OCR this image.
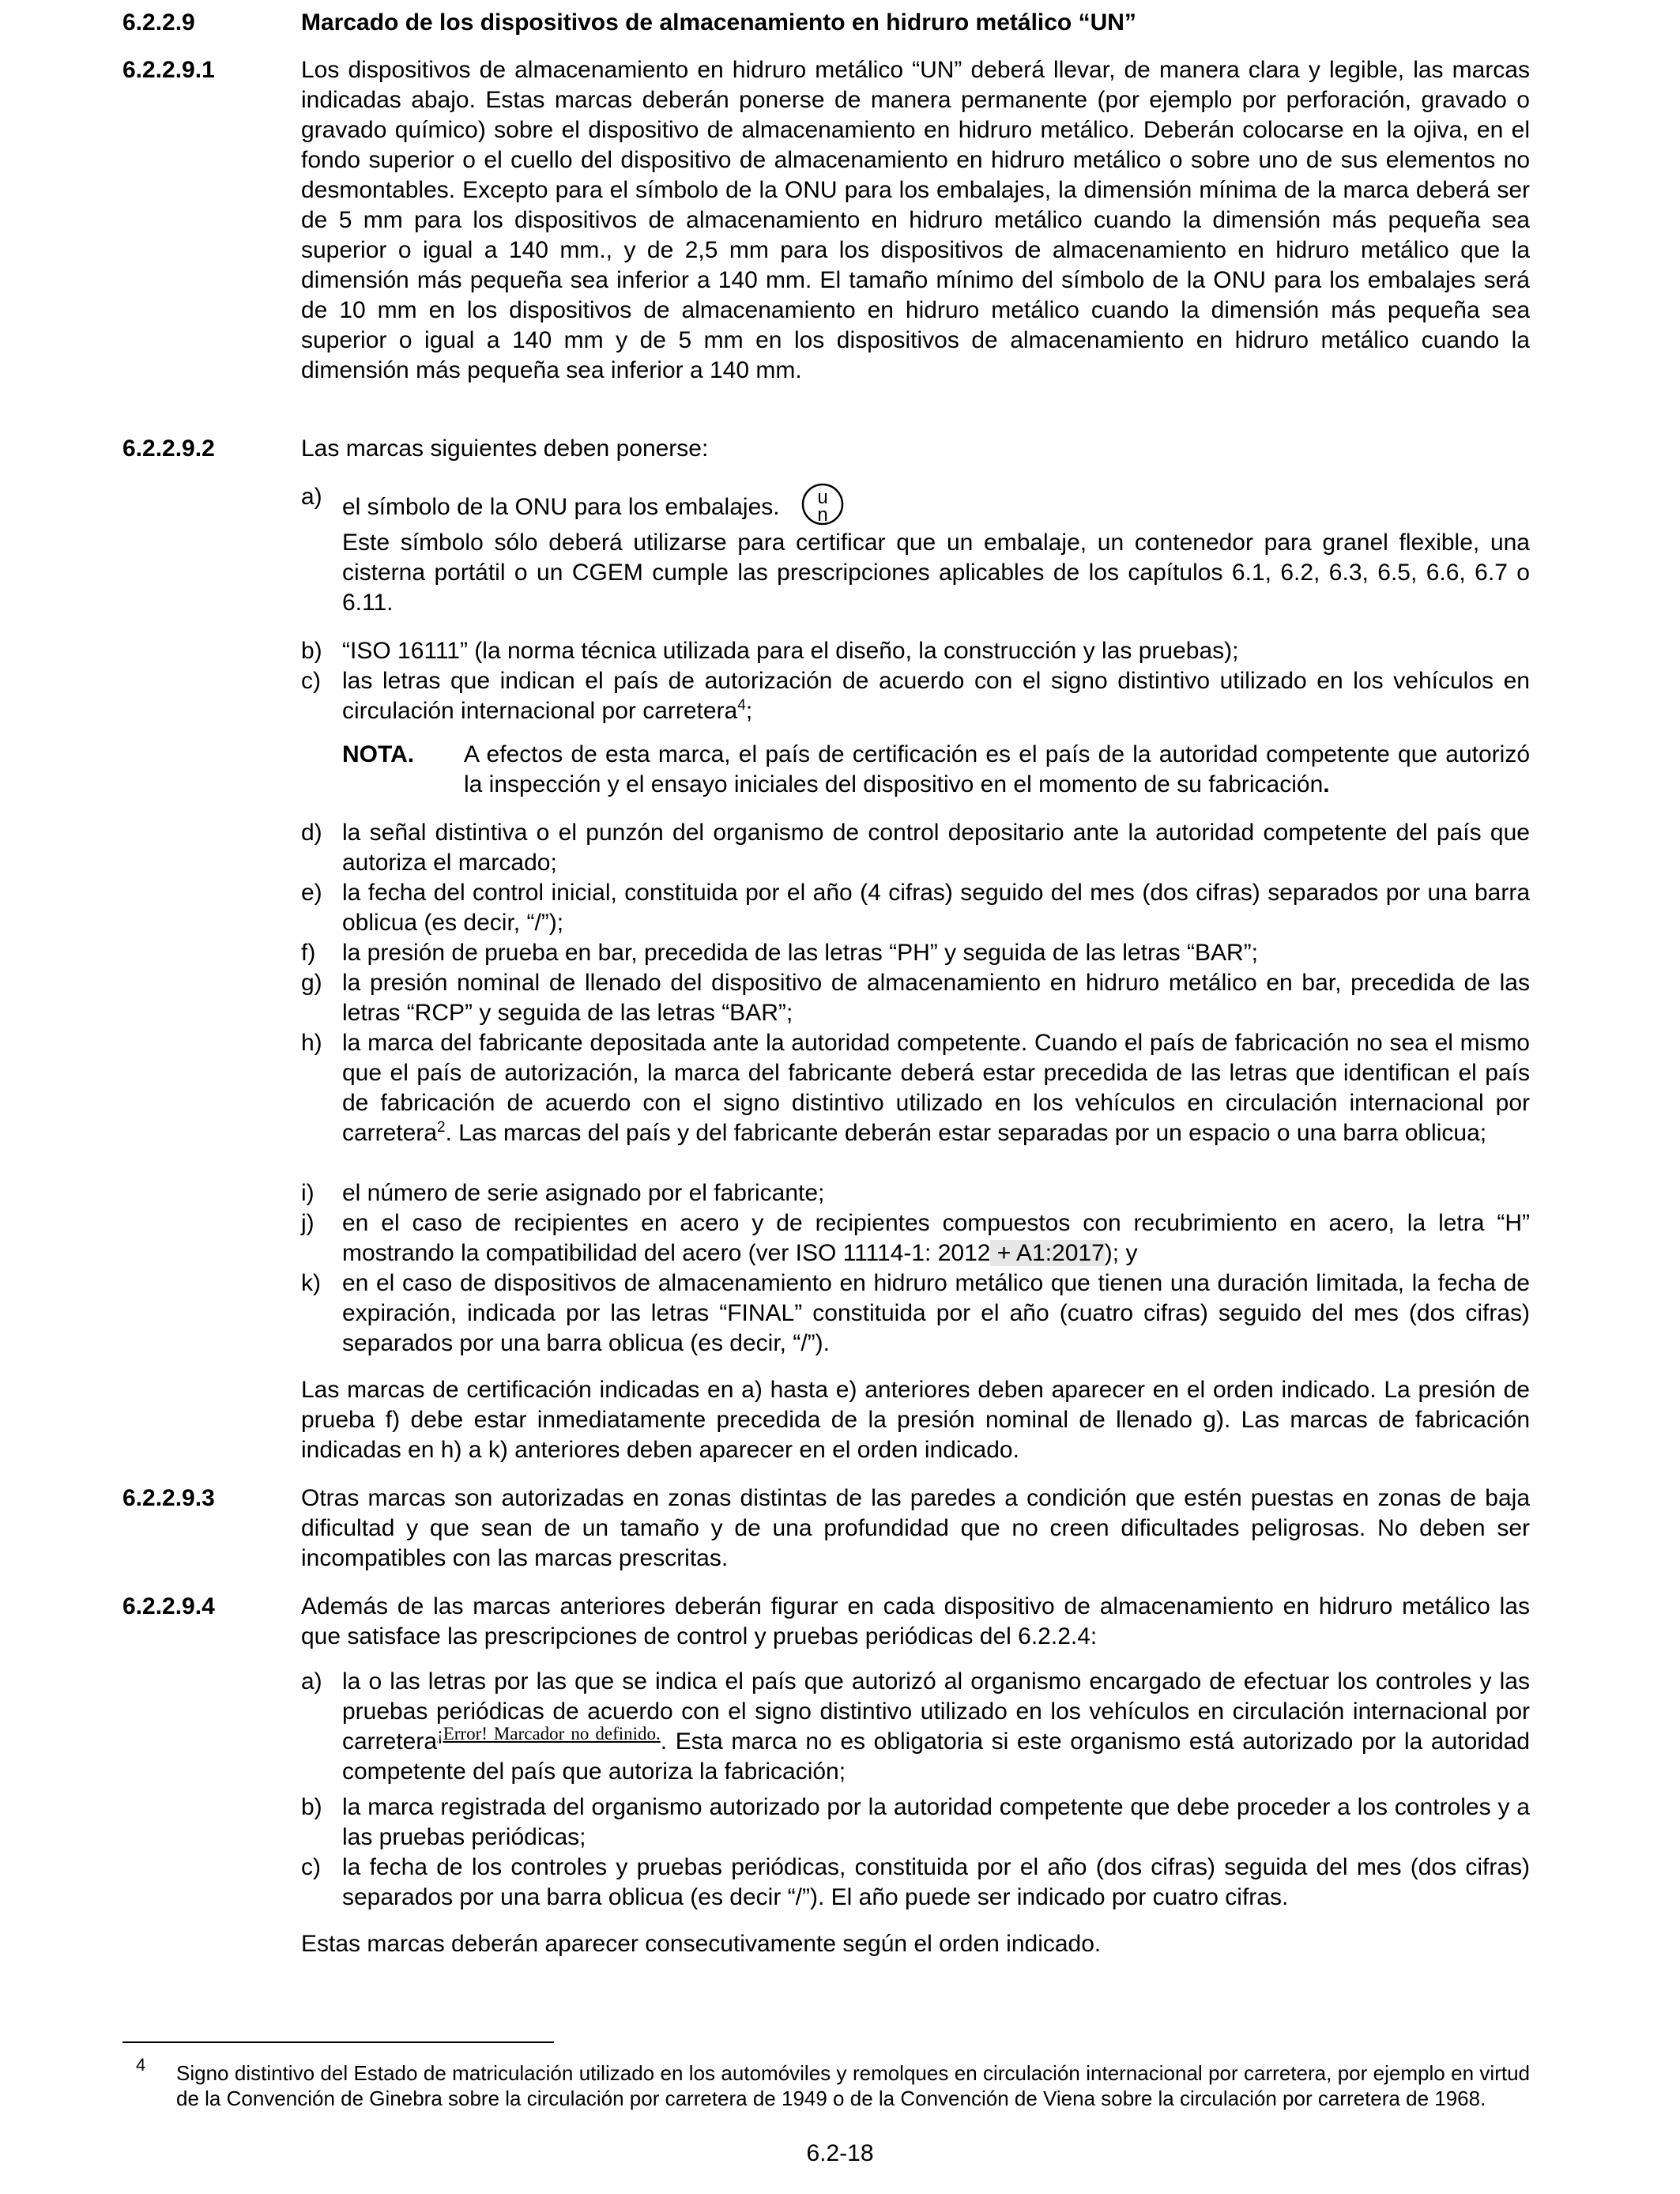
6.2.2.9	Marcado de los dispositivos de almacenamiento en hidruro metálico “UN”
6.2.2.9.1	Los dispositivos de almacenamiento en hidruro metálico “UN” deberá llevar, de manera clara y legible, las marcas indicadas abajo. Estas marcas deberán ponerse de manera permanente (por ejemplo por perforación, gravado o gravado químico) sobre el dispositivo de almacenamiento en hidruro metálico. Deberán colocarse en la ojiva, en el fondo superior o el cuello del dispositivo de almacenamiento en hidruro metálico o sobre uno de sus elementos no desmontables. Excepto para el símbolo de la ONU para los embalajes, la dimensión mínima de la marca deberá ser de 5 mm para los dispositivos de almacenamiento en hidruro metálico cuando la dimensión más pequeña sea superior o igual a 140 mm., y de 2,5 mm para los dispositivos de almacenamiento en hidruro metálico que la dimensión más pequeña sea inferior a 140 mm. El tamaño mínimo del símbolo de la ONU para los embalajes será de 10 mm en los dispositivos de almacenamiento en hidruro metálico cuando la dimensión más pequeña sea superior o igual a 140 mm y de 5 mm en los dispositivos de almacenamiento en hidruro metálico cuando la dimensión más pequeña sea inferior a 140 mm.

6.2.2.9.2	Las marcas siguientes deben ponerse:
a) el símbolo de la ONU para los embalajes. u
n

Este símbolo sólo deberá utilizarse para certificar que un embalaje, un contenedor para granel flexible, una cisterna portátil o un CGEM cumple las prescripciones aplicables de los capítulos 6.1, 6.2, 6.3, 6.5, 6.6, 6.7 o 6.11.

b) “ISO 16111” (la norma técnica utilizada para el diseño, la construcción y las pruebas);
c) las letras que indican el país de autorización de acuerdo con el signo distintivo utilizado en los vehículos en circulación internacional por carretera$^4$;
NOTA. A efectos de esta marca, el país de certificación es el país de la autoridad competente que autorizó la inspección y el ensayo iniciales del dispositivo en el momento de su fabricación.
d) la señal distintiva o el punzón del organismo de control depositario ante la autoridad competente del país que autoriza el marcado;
e) la fecha del control inicial, constituida por el año (4 cifras) seguido del mes (dos cifras) separados por una barra oblicua (es decir, “/”);
f)	la presión de prueba en bar, precedida de las letras “PH” y seguida de las letras “BAR”;
g) la presión nominal de llenado del dispositivo de almacenamiento en hidruro metálico en bar, precedida de las letras “RCP” y seguida de las letras “BAR”;
h) la marca del fabricante depositada ante la autoridad competente. Cuando el país de fabricación no sea el mismo que el país de autorización, la marca del fabricante deberá estar precedida de las letras que identifican el país de fabricación de acuerdo con el signo distintivo utilizado en los vehículos en circulación internacional por carretera$^2$. Las marcas del país y del fabricante deberán estar separadas por un espacio o una barra oblicua;
i)	el número de serie asignado por el fabricante;
j)	en el caso de recipientes en acero y de recipientes compuestos con recubrimiento en acero, la letra “H” mostrando la compatibilidad del acero (ver ISO 11114-1: 2012 + A1:2017); y
k) en el caso de dispositivos de almacenamiento en hidruro metálico que tienen una duración limitada, la fecha de expiración, indicada por las letras “FINAL” constituida por el año (cuatro cifras) seguido del mes (dos cifras) separados por una barra oblicua (es decir, “/”).

Las marcas de certificación indicadas en a) hasta e) anteriores deben aparecer en el orden indicado. La presión de prueba f) debe estar inmediatamente precedida de la presión nominal de llenado g). Las marcas de fabricación indicadas en h) a k) anteriores deben aparecer en el orden indicado.

6.2.2.9.3	Otras marcas son autorizadas en zonas distintas de las paredes a condición que estén puestas en zonas de baja dificultad y que sean de un tamaño y de una profundidad que no creen dificultades peligrosas. No deben ser incompatibles con las marcas prescritas.

6.2.2.9.4	Además de las marcas anteriores deberán figurar en cada dispositivo de almacenamiento en hidruro metálico las que satisface las prescripciones de control y pruebas periódicas del 6.2.2.4:

a) la o las letras por las que se indica el país que autorizó al organismo encargado de efectuar los controles y las pruebas periódicas de acuerdo con el signo distintivo utilizado en los vehículos en circulación internacional por carretera$^{¡Error! Marcador no definido.}$. Esta marca no es obligatoria si este organismo está autorizado por la autoridad competente del país que autoriza la fabricación;
b) la marca registrada del organismo autorizado por la autoridad competente que debe proceder a los controles y a las pruebas periódicas;
c) la fecha de los controles y pruebas periódicas, constituida por el año (dos cifras) seguida del mes (dos cifras) separados por una barra oblicua (es decir “/”). El año puede ser indicado por cuatro cifras.
Estas marcas deberán aparecer consecutivamente según el orden indicado.
4 Signo distintivo del Estado de matriculación utilizado en los automóviles y remolques en circulación internacional por carretera, por ejemplo en virtud de la Convención de Ginebra sobre la circulación por carretera de 1949 o de la Convención de Viena sobre la circulación por carretera de 1968.

6.2-18
